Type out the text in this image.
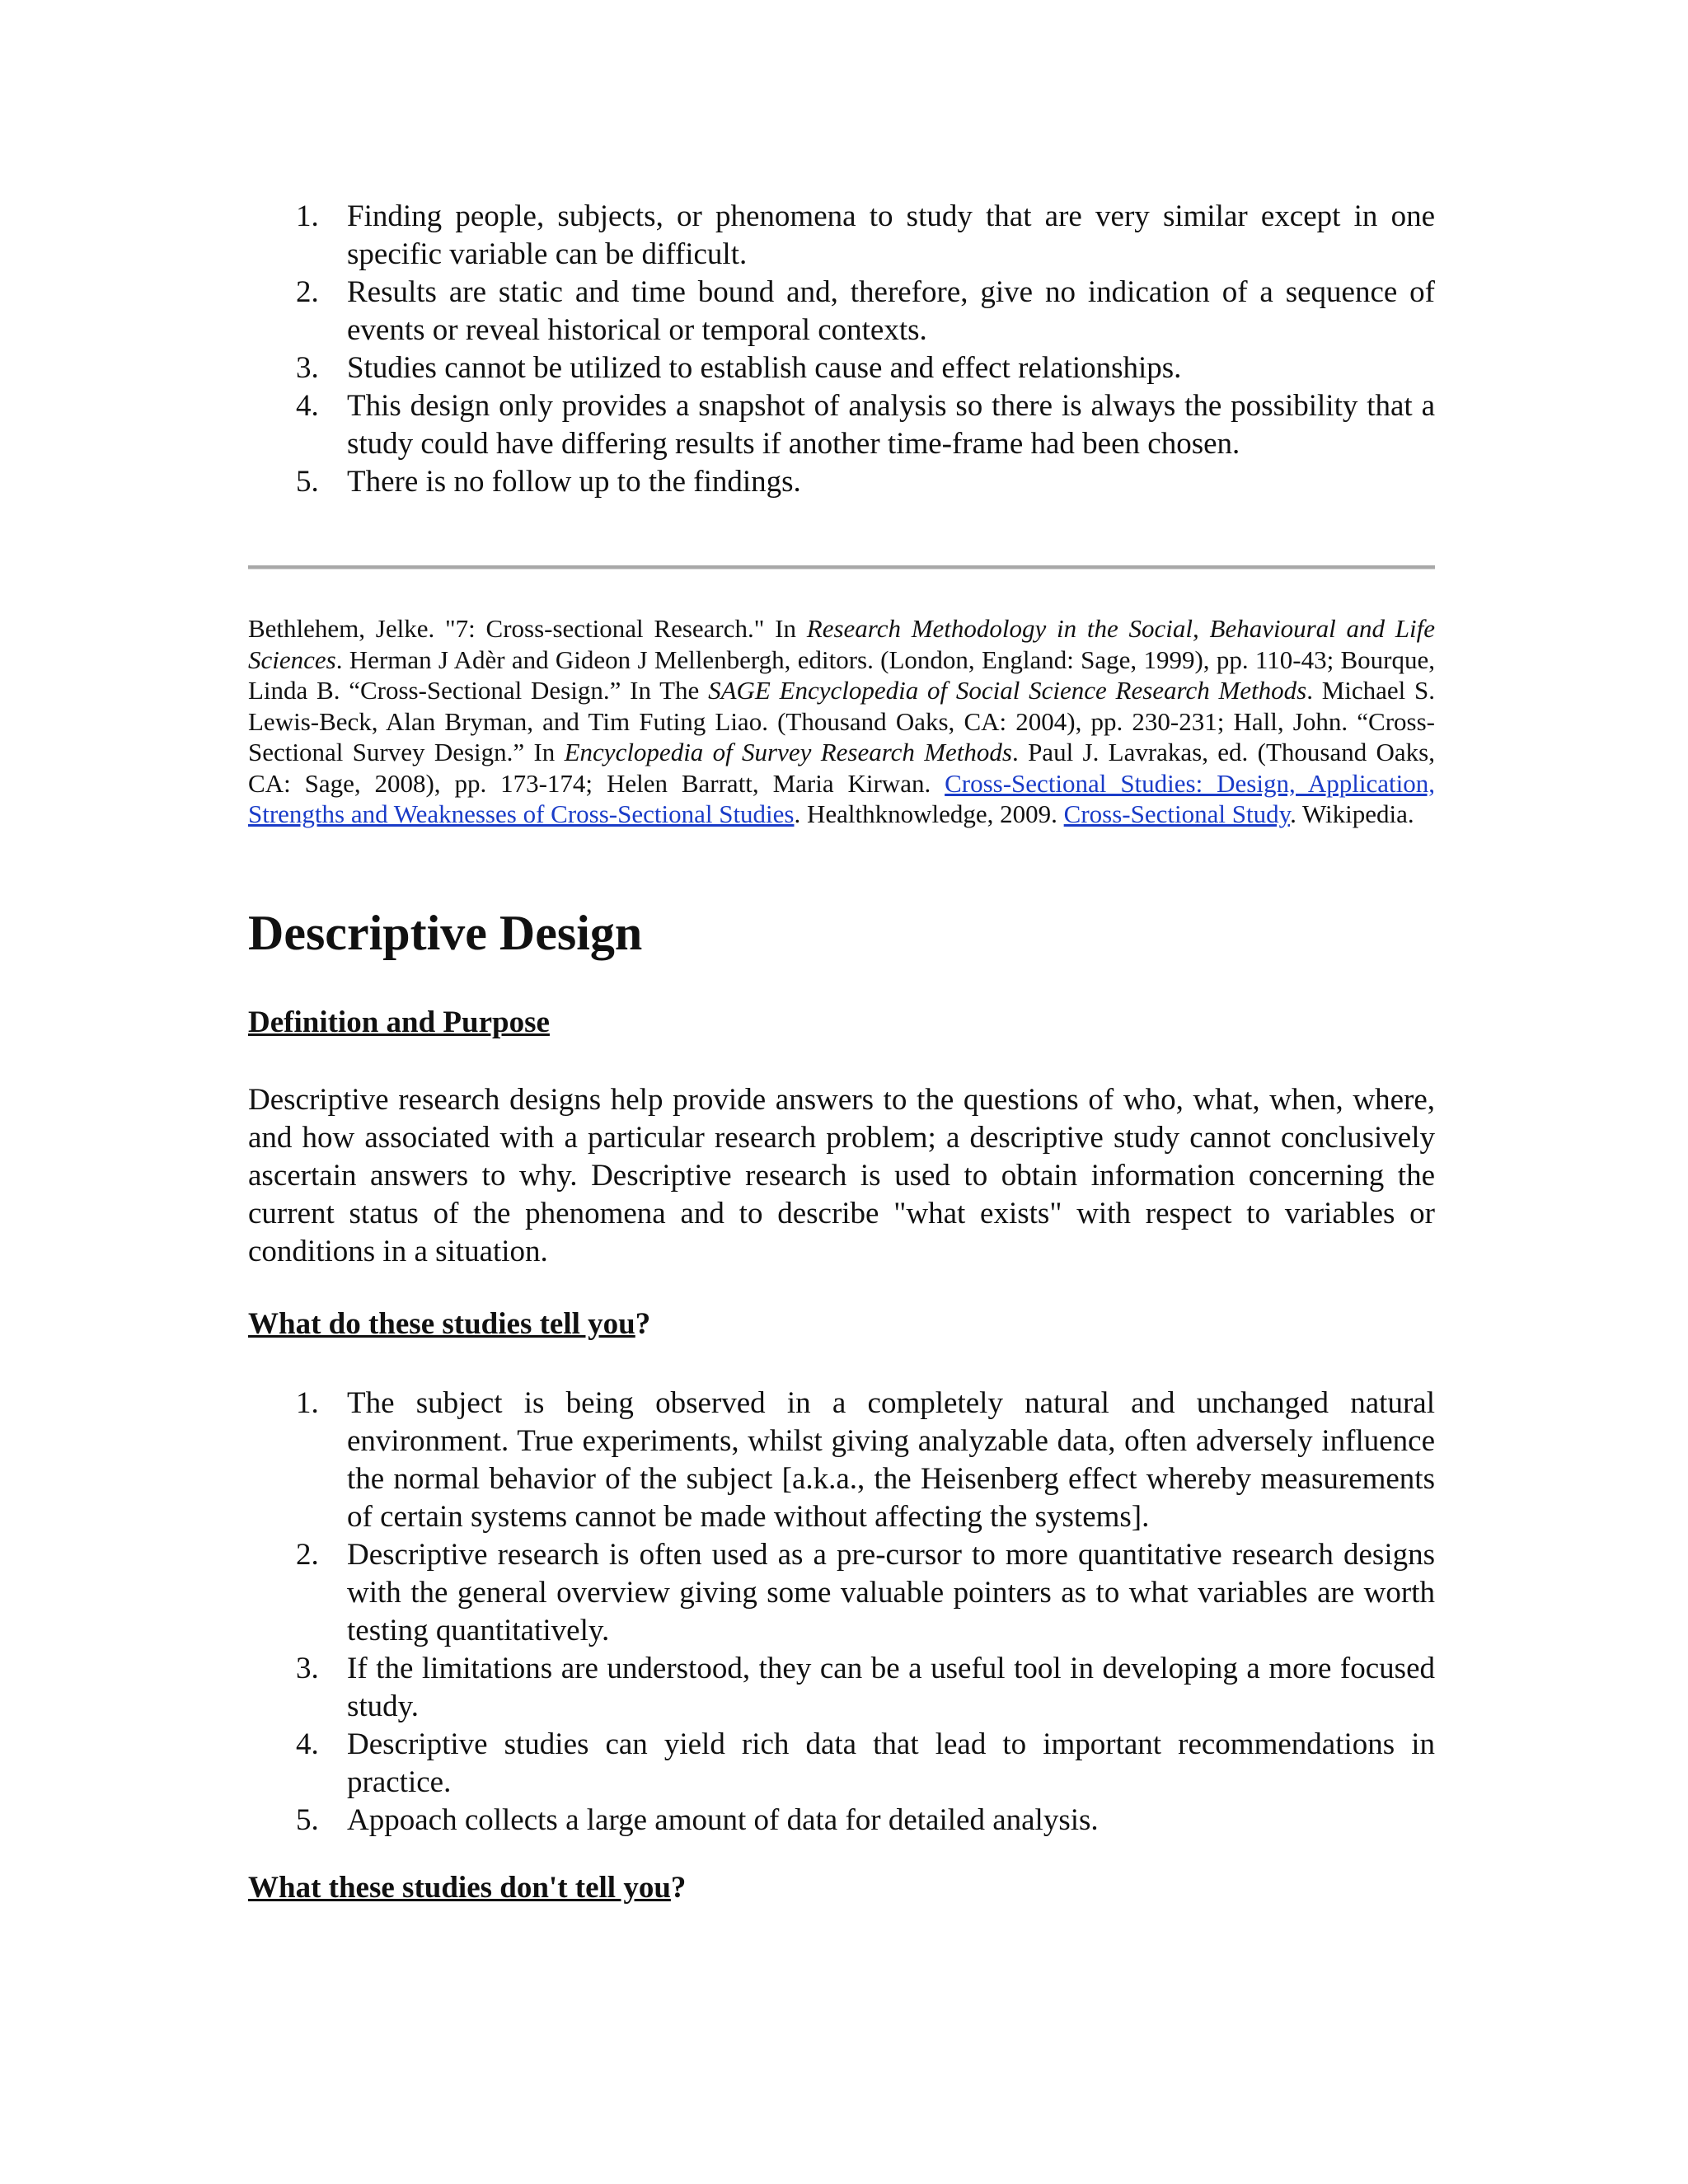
1. Finding people, subjects, or phenomena to study that are very similar except in one specific variable can be difficult.
2. Results are static and time bound and, therefore, give no indication of a sequence of events or reveal historical or temporal contexts.
3. Studies cannot be utilized to establish cause and effect relationships.
4. This design only provides a snapshot of analysis so there is always the possibility that a study could have differing results if another time-frame had been chosen.
5. There is no follow up to the findings.

Bethlehem, Jelke. "7: Cross-sectional Research." In Research Methodology in the Social, Behavioural and Life Sciences. Herman J Adèr and Gideon J Mellenbergh, editors. (London, England: Sage, 1999), pp. 110-43; Bourque, Linda B. “Cross-Sectional Design.” In The SAGE Encyclopedia of Social Science Research Methods. Michael S. Lewis-Beck, Alan Bryman, and Tim Futing Liao. (Thousand Oaks, CA: 2004), pp. 230-231; Hall, John. “Cross-Sectional Survey Design.” In Encyclopedia of Survey Research Methods. Paul J. Lavrakas, ed. (Thousand Oaks, CA: Sage, 2008), pp. 173-174; Helen Barratt, Maria Kirwan. Cross-Sectional Studies: Design, Application, Strengths and Weaknesses of Cross-Sectional Studies. Healthknowledge, 2009. Cross-Sectional Study. Wikipedia.

Descriptive Design
Definition and Purpose

Descriptive research designs help provide answers to the questions of who, what, when, where, and how associated with a particular research problem; a descriptive study cannot conclusively ascertain answers to why. Descriptive research is used to obtain information concerning the current status of the phenomena and to describe "what exists" with respect to variables or conditions in a situation.

What do these studies tell you?
1. The subject is being observed in a completely natural and unchanged natural environment. True experiments, whilst giving analyzable data, often adversely influence the normal behavior of the subject [a.k.a., the Heisenberg effect whereby measurements of certain systems cannot be made without affecting the systems].
2. Descriptive research is often used as a pre-cursor to more quantitative research designs with the general overview giving some valuable pointers as to what variables are worth testing quantitatively.
3. If the limitations are understood, they can be a useful tool in developing a more focused study.
4. Descriptive studies can yield rich data that lead to important recommendations in practice.
5. Appoach collects a large amount of data for detailed analysis.
What these studies don't tell you?
